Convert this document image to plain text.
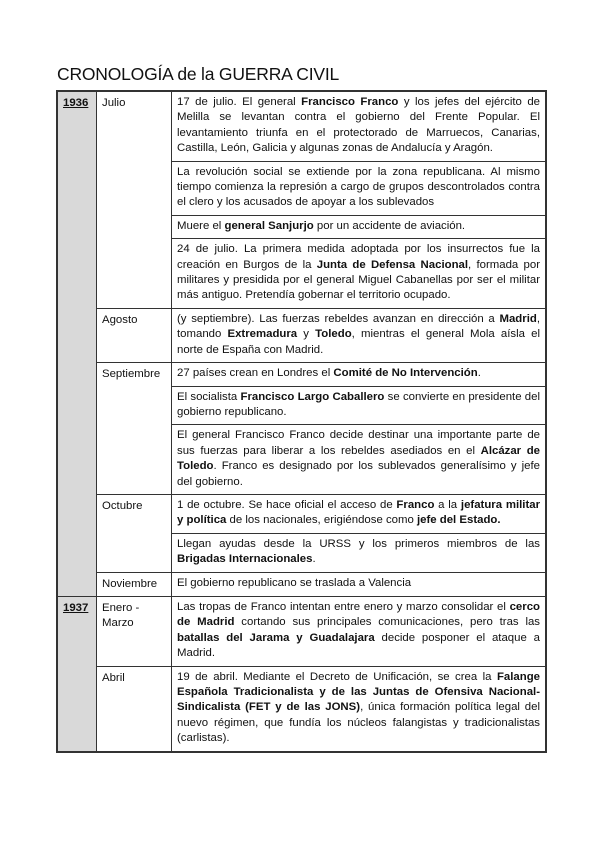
CRONOLOGÍA de la GUERRA CIVIL
1936	Julio	17 de julio. El general Francisco Franco y los jefes del ejército de Melilla se levantan contra el gobierno del Frente Popular. El levantamiento triunfa en el protectorado de Marruecos, Canarias, Castilla, León, Galicia y algunas zonas de Andalucía y Aragón.
		La revolución social se extiende por la zona republicana. Al mismo tiempo comienza la represión a cargo de grupos descontrolados contra el clero y los acusados de apoyar a los sublevados
		Muere el general Sanjurjo por un accidente de aviación.
		24 de julio. La primera medida adoptada por los insurrectos fue la creación en Burgos de la Junta de Defensa Nacional, formada por militares y presidida por el general Miguel Cabanellas por ser el militar más antiguo. Pretendía gobernar el territorio ocupado.
	Agosto	(y septiembre). Las fuerzas rebeldes avanzan en dirección a Madrid, tomando Extremadura y Toledo, mientras el general Mola aísla el norte de España con Madrid.
	Septiembre	27 países crean en Londres el Comité de No Intervención.
		El socialista Francisco Largo Caballero se convierte en presidente del gobierno republicano.
		El general Francisco Franco decide destinar una importante parte de sus fuerzas para liberar a los rebeldes asediados en el Alcázar de Toledo. Franco es designado por los sublevados generalísimo y jefe del gobierno.
	Octubre	1 de octubre. Se hace oficial el acceso de Franco a la jefatura militar y política de los nacionales, erigiéndose como jefe del Estado.
		Llegan ayudas desde la URSS y los primeros miembros de las Brigadas Internacionales.
	Noviembre	El gobierno republicano se traslada a Valencia
1937	Enero - Marzo	Las tropas de Franco intentan entre enero y marzo consolidar el cerco de Madrid cortando sus principales comunicaciones, pero tras las batallas del Jarama y Guadalajara decide posponer el ataque a Madrid.
	Abril	19 de abril. Mediante el Decreto de Unificación, se crea la Falange Española Tradicionalista y de las Juntas de Ofensiva Nacional-Sindicalista (FET y de las JONS), única formación política legal del nuevo régimen, que fundía los núcleos falangistas y tradicionalistas (carlistas).
